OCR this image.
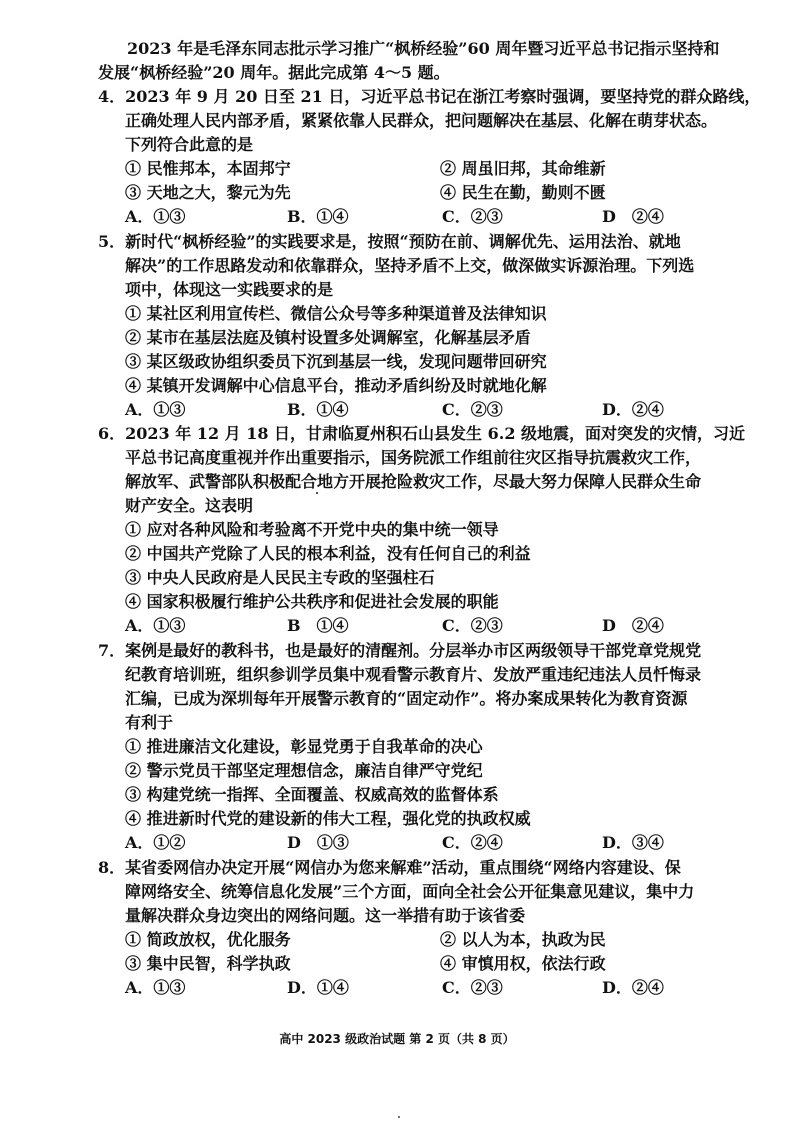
2023 年是毛泽东同志批示学习推广“枫桥经验”60 周年暨习近平总书记指示坚持和
发展“枫桥经验”20 周年。据此完成第 4～5 题。
4．2023 年 9 月 20 日至 21 日，习近平总书记在浙江考察时强调，要坚持党的群众路线，
正确处理人民内部矛盾，紧紧依靠人民群众，把问题解决在基层、化解在萌芽状态。
下列符合此意的是
① 民惟邦本，本固邦宁	② 周虽旧邦，其命维新
③ 天地之大，黎元为先	④ 民生在勤，勤则不匮
A．①③	B．①④	C．②③	D　②④
5．新时代“枫桥经验”的实践要求是，按照“预防在前、调解优先、运用法治、就地
解决”的工作思路发动和依靠群众，坚持矛盾不上交，做深做实诉源治理。下列选
项中，体现这一实践要求的是
① 某社区利用宣传栏、微信公众号等多种渠道普及法律知识
② 某市在基层法庭及镇村设置多处调解室，化解基层矛盾
③ 某区级政协组织委员下沉到基层一线，发现问题带回研究
④ 某镇开发调解中心信息平台，推动矛盾纠纷及时就地化解
A．①③	B．①④	C．②③	D．②④
6．2023 年 12 月 18 日，甘肃临夏州积石山县发生 6.2 级地震，面对突发的灾情，习近
平总书记高度重视并作出重要指示，国务院派工作组前往灾区指导抗震救灾工作，
解放军、武警部队积极配合地方开展抢险救灾工作，尽最大努力保障人民群众生命
财产安全。这表明
① 应对各种风险和考验离不开党中央的集中统一领导
② 中国共产党除了人民的根本利益，没有任何自己的利益
③ 中央人民政府是人民民主专政的坚强柱石
④ 国家积极履行维护公共秩序和促进社会发展的职能
A．①③	B　①④	C．②③	D　②④
7．案例是最好的教科书，也是最好的清醒剂。分层举办市区两级领导干部党章党规党
纪教育培训班，组织参训学员集中观看警示教育片、发放严重违纪违法人员忏悔录
汇编，已成为深圳每年开展警示教育的“固定动作”。将办案成果转化为教育资源
有利于
① 推进廉洁文化建设，彰显党勇于自我革命的决心
② 警示党员干部坚定理想信念，廉洁自律严守党纪
③ 构建党统一指挥、全面覆盖、权威高效的监督体系
④ 推进新时代党的建设新的伟大工程，强化党的执政权威
A．①②	D　①③	C．②④	D．③④
8．某省委网信办决定开展“网信办为您来解难”活动，重点围绕“网络内容建设、保
障网络安全、统筹信息化发展”三个方面，面向全社会公开征集意见建议，集中力
量解决群众身边突出的网络问题。这一举措有助于该省委
① 简政放权，优化服务	② 以人为本，执政为民
③ 集中民智，科学执政	④ 审慎用权，依法行政
A．①③	D．①④	C．②③	D．②④
高中 2023 级政治试题 第 2 页（共 8 页）
